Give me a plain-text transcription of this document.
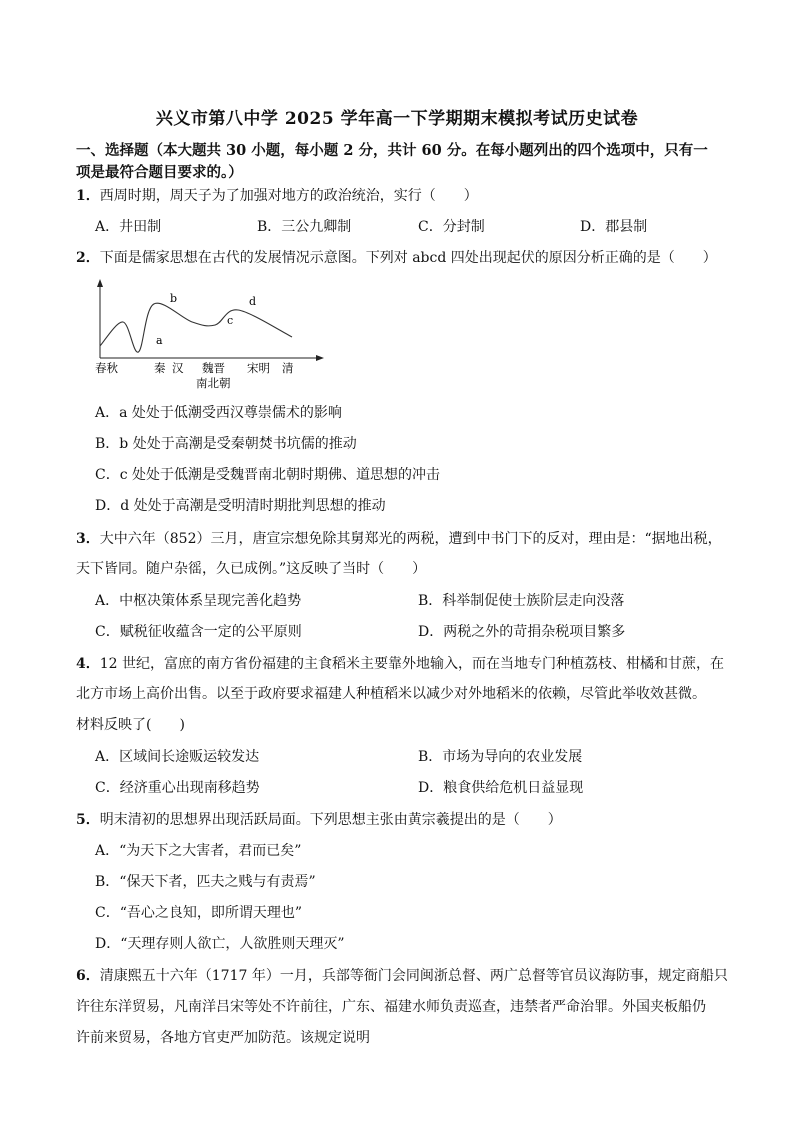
兴义市第八中学 2025 学年高一下学期期末模拟考试历史试卷
一、选择题（本大题共 30 小题，每小题 2 分，共计 60 分。在每小题列出的四个选项中，只有一
项是最符合题目要求的。）
1．西周时期，周天子为了加强对地方的政治统治，实行（　　）
A．井田制	B．三公九卿制	C．分封制	D．郡县制
2．下面是儒家思想在古代的发展情况示意图。下列对 abcd 四处出现起伏的原因分析正确的是（　　）
a
b
c
d
春秋	秦 汉 魏晋
南北朝
宋明 清
A．a 处处于低潮受西汉尊崇儒术的影响
B．b 处处于高潮是受秦朝焚书坑儒的推动
C．c 处处于低潮是受魏晋南北朝时期佛、道思想的冲击
D．d 处处于高潮是受明清时期批判思想的推动
3．大中六年（852）三月，唐宣宗想免除其舅郑光的两税，遭到中书门下的反对，理由是：“据地出税，
天下皆同。随户杂徭，久已成例。”这反映了当时（　　）
A．中枢决策体系呈现完善化趋势	B．科举制促使士族阶层走向没落
C．赋税征收蕴含一定的公平原则	D．两税之外的苛捐杂税项目繁多
4．12 世纪，富庶的南方省份福建的主食稻米主要靠外地输入，而在当地专门种植荔枝、柑橘和甘蔗，在
北方市场上高价出售。以至于政府要求福建人种植稻米以减少对外地稻米的依赖，尽管此举收效甚微。
材料反映了(　　)
A．区域间长途贩运较发达	B．市场为导向的农业发展
C．经济重心出现南移趋势	D．粮食供给危机日益显现
5．明末清初的思想界出现活跃局面。下列思想主张由黄宗羲提出的是（　　）
A．“为天下之大害者，君而已矣”
B．“保天下者，匹夫之贱与有责焉”
C．“吾心之良知，即所谓天理也”
D．“天理存则人欲亡，人欲胜则天理灭”
6．清康熙五十六年（1717 年）一月，兵部等衙门会同闽浙总督、两广总督等官员议海防事，规定商船只
许往东洋贸易，凡南洋吕宋等处不许前往，广东、福建水师负责巡查，违禁者严命治罪。外国夹板船仍
许前来贸易，各地方官吏严加防范。该规定说明
